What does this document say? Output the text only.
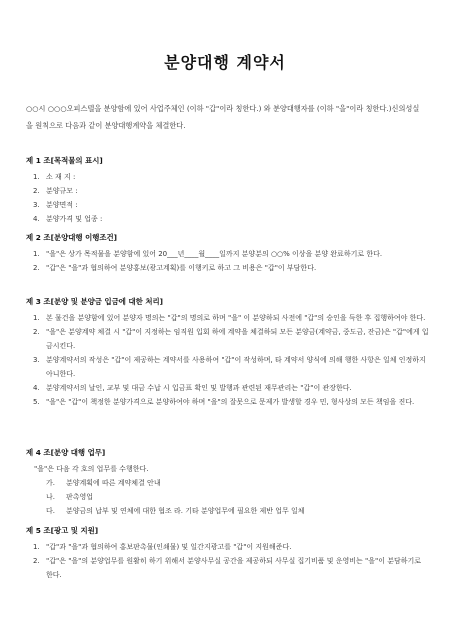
분양대행 계약서
○○시 ○○○오피스텔을 분양함에 있어 사업주체인 (이하 "갑"이라 칭한다.) 와 분양대행자를 (이하 "을"이라 칭한다.)신의성실을 원칙으로 다음과 같이 분양대행계약을 체결한다.
제 1 조[목적물의 표시]
1. 소 재 지 :
2. 분양규모 :
3. 분양면적 :
4. 분양가격 및 업종 :
제 2 조[분양대행 이행조건]
1. "을"은 상가 목적물을 분양함에 있어 20___년____월____일까지 분양분의 ○○% 이상을 분양 완료하기로 한다.
2. "갑"은 "을"과 협의하여 분양홍보(광고계획)를 이행키로 하고 그 비용은 "갑"이 부담한다.
제 3 조[분양 및 분양금 입금에 대한 처리]
1. 본 물건을 분양함에 있어 분양자 명의는 "갑"의 명의로 하며 "을" 이 분양하되 사전에 "갑"의 승인을 득한 후 집행하여야 한다.
2. "을"은 분양계약 체결 시 "갑"이 지정하는 임직원 입회 하에 계약을 체결하되 모든 분양금(계약금, 중도금, 잔금)은 "갑"에게 입금시킨다.
3. 분양계약서의 작성은 "갑"이 제공하는 계약서를 사용하여 "갑"이 작성하며, 타 계약서 양식에 의해 행한 사항은 일체 인정하지 아니한다.
4. 분양계약서의 날인, 교부 및 대금 수납 시 입금표 확인 및 발행과 관련된 재무관리는 "갑"이 관장한다.
5. "을"은 "갑"이 책정한 분양가격으로 분양하여야 하며 "을"의 잘못으로 문제가 발생할 경우 민, 형사상의 모든 책임을 진다.
제 4 조[분양 대행 업무]
"을"은 다음 각 호의 업무를 수행한다.
가. 분양계획에 따른 계약체결 안내
나. 판촉영업
다. 분양금의 납부 및 연체에 대한 협조 라. 기타 분양업무에 필요한 제반 업무 일체
제 5 조[광고 및 지원]
1. "갑"과 "을"과 협의하여 홍보판촉물(인쇄물) 및 일간지광고를 "갑"이 지원해준다.
2. "갑"은 "을"의 분양업무를 원활히 하기 위해서 분양사무실 공간을 제공하되 사무실 집기비품 및 운영비는 "을"이 분담하기로 한다.
